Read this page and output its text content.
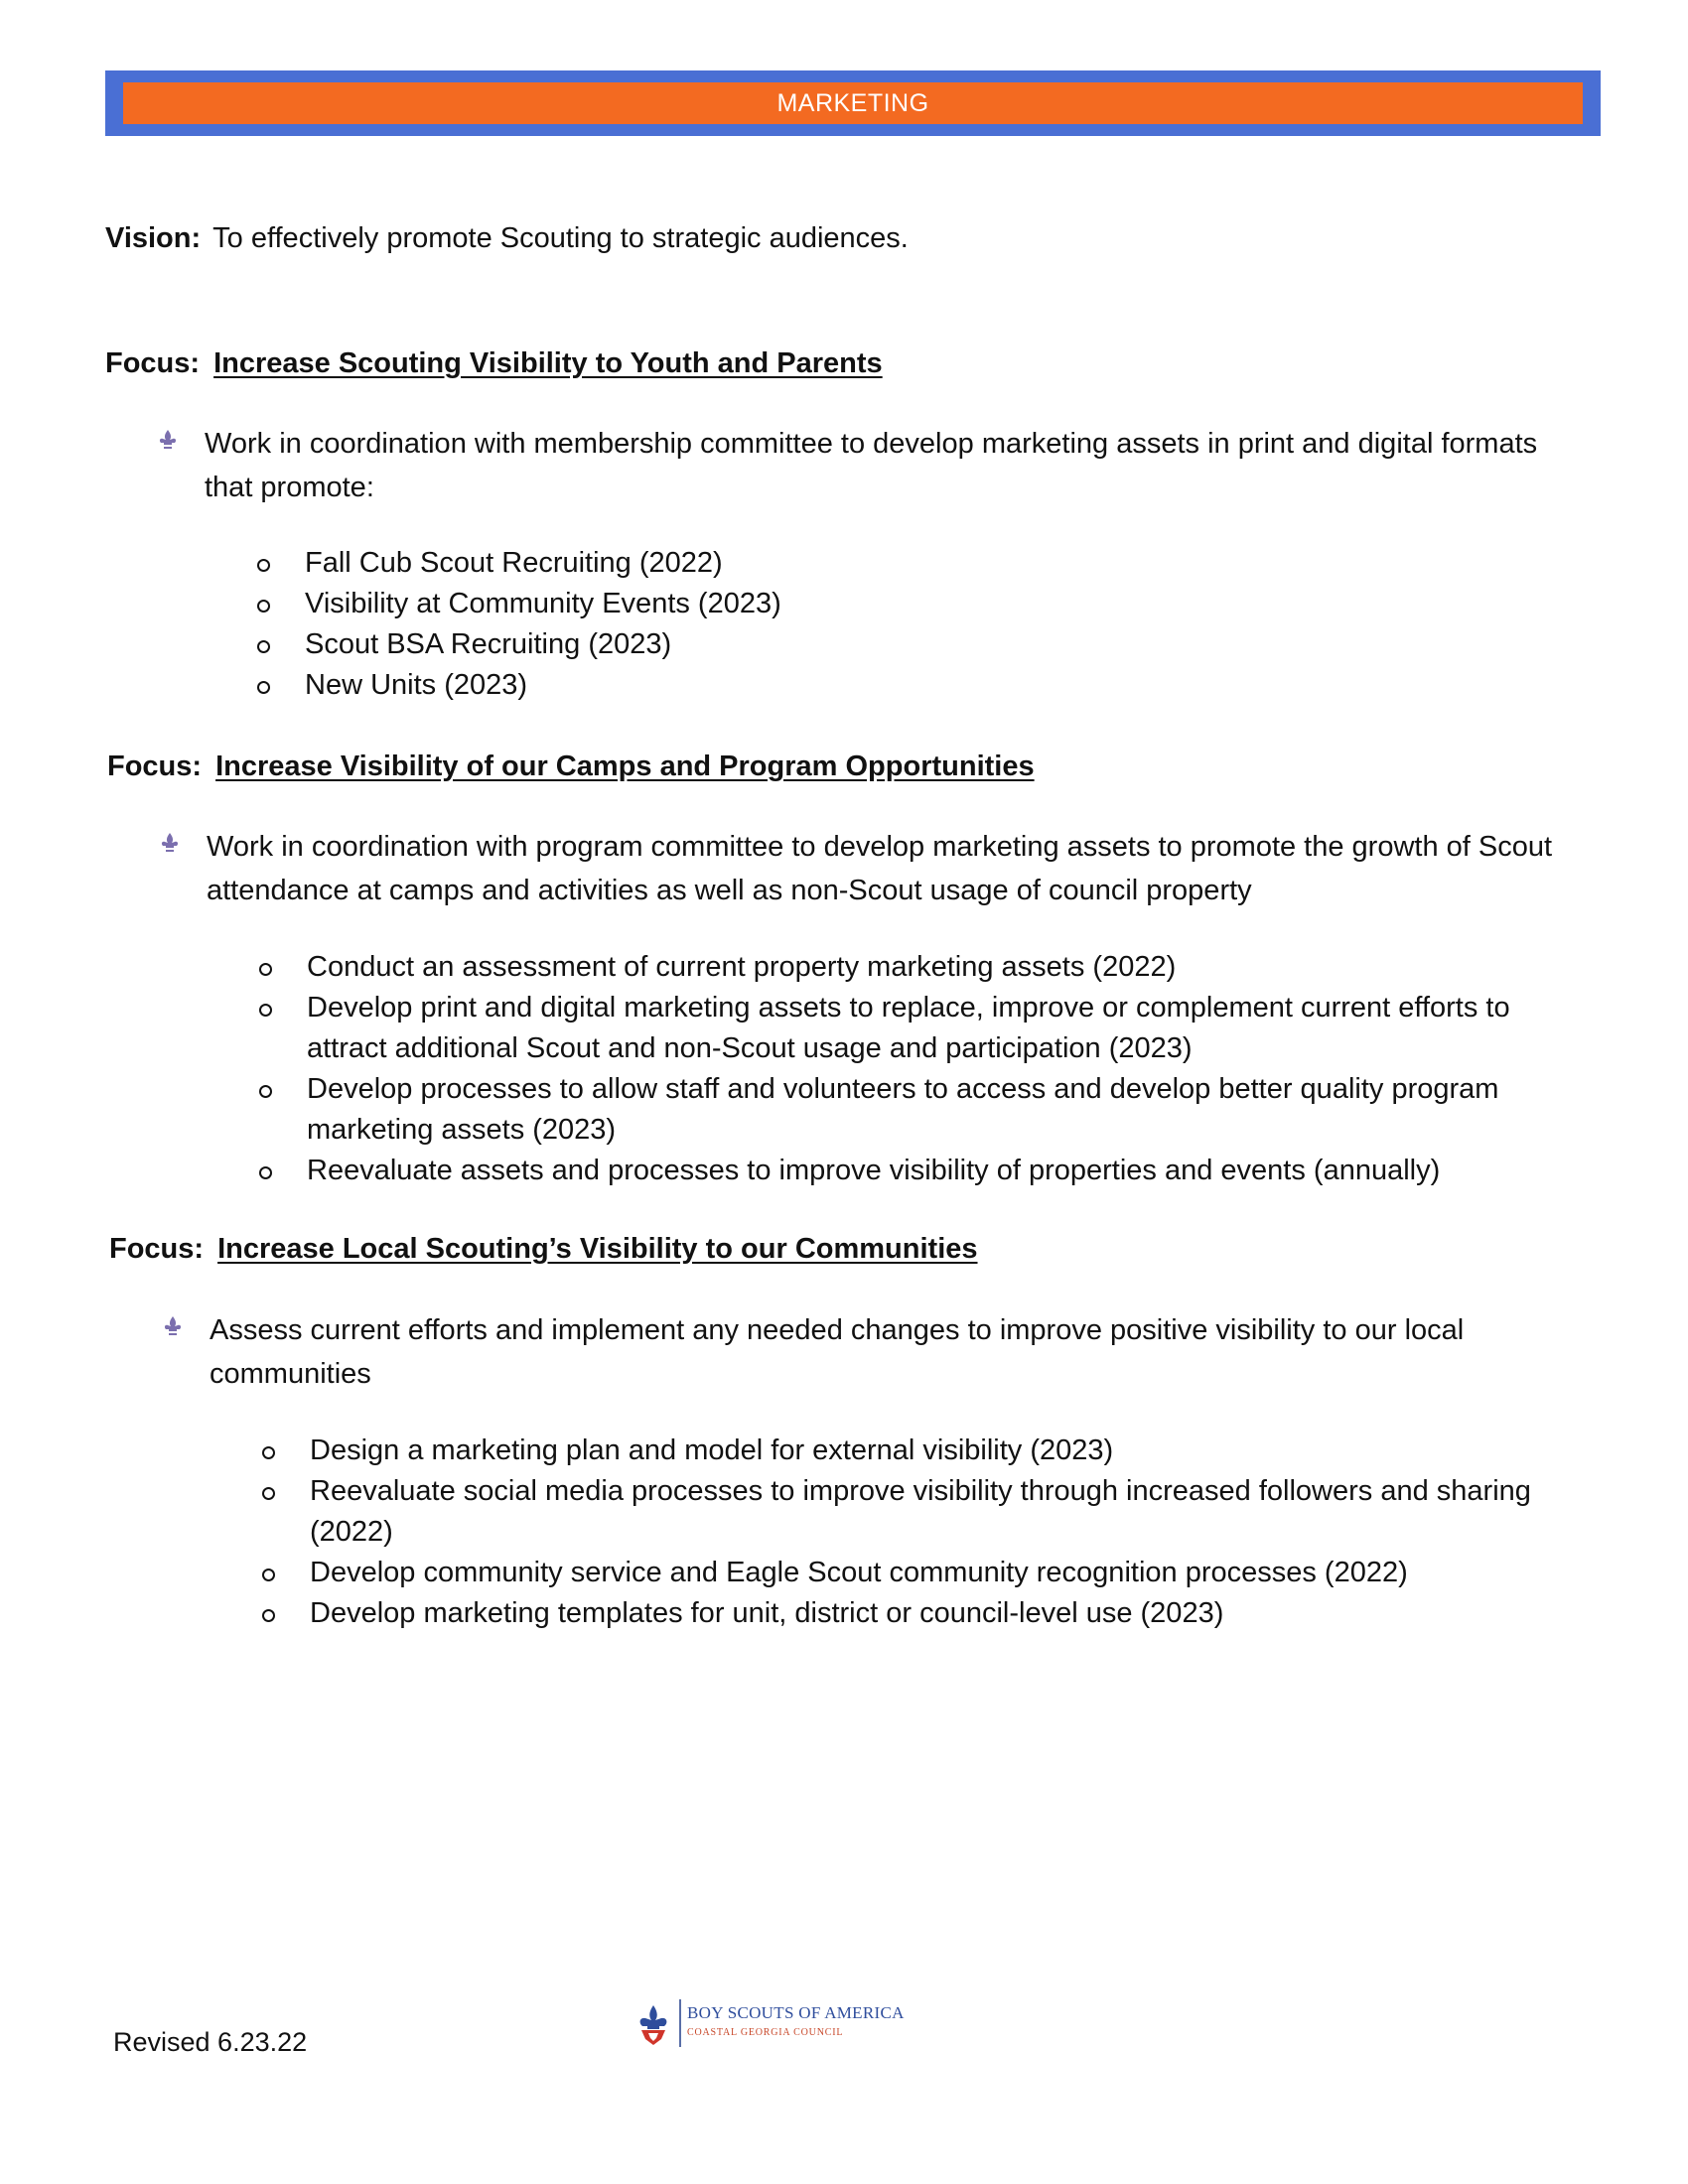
MARKETING
Vision: To effectively promote Scouting to strategic audiences.
Focus: Increase Scouting Visibility to Youth and Parents
Work in coordination with membership committee to develop marketing assets in print and digital formats that promote:
Fall Cub Scout Recruiting (2022)
Visibility at Community Events (2023)
Scout BSA Recruiting (2023)
New Units (2023)
Focus: Increase Visibility of our Camps and Program Opportunities
Work in coordination with program committee to develop marketing assets to promote the growth of Scout attendance at camps and activities as well as non-Scout usage of council property
Conduct an assessment of current property marketing assets (2022)
Develop print and digital marketing assets to replace, improve or complement current efforts to attract additional Scout and non-Scout usage and participation (2023)
Develop processes to allow staff and volunteers to access and develop better quality program marketing assets (2023)
Reevaluate assets and processes to improve visibility of properties and events (annually)
Focus: Increase Local Scouting’s Visibility to our Communities
Assess current efforts and implement any needed changes to improve positive visibility to our local communities
Design a marketing plan and model for external visibility (2023)
Reevaluate social media processes to improve visibility through increased followers and sharing (2022)
Develop community service and Eagle Scout community recognition processes (2022)
Develop marketing templates for unit, district or council-level use (2023)
Revised 6.23.22
BOY SCOUTS OF AMERICA
COASTAL GEORGIA COUNCIL
